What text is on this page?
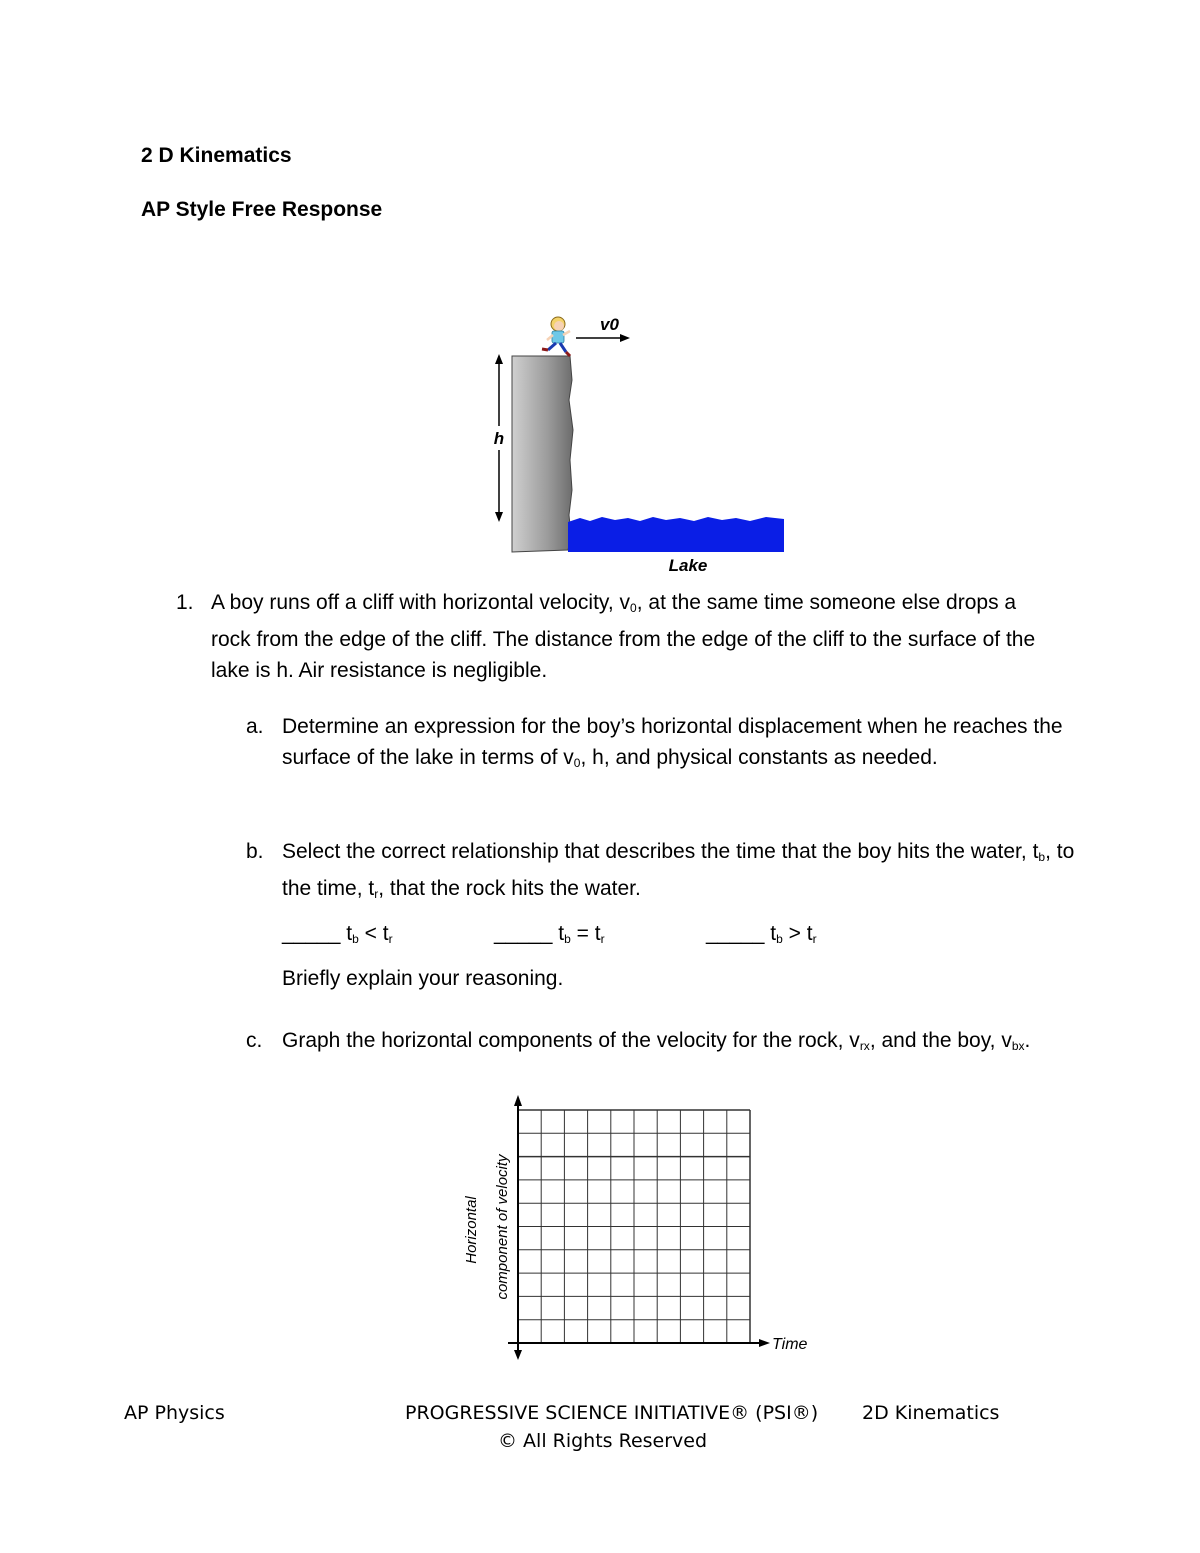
2 D Kinematics
AP Style Free Response
h
v0
Lake
1. A boy runs off a cliff with horizontal velocity, $v_0$, at the same time someone else drops a rock from the edge of the cliff. The distance from the edge of the cliff to the surface of the lake is h. Air resistance is negligible.
a. Determine an expression for the boy’s horizontal displacement when he reaches the surface of the lake in terms of $v_0$, h, and physical constants as needed.
b. Select the correct relationship that describes the time that the boy hits the water, $t_b$, to the time, $t_r$, that the rock hits the water.
_____ $t_b < t_r$	_____ $t_b = t_r$	_____ $t_b > t_r$
Briefly explain your reasoning.
c. Graph the horizontal components of the velocity for the rock, $v_{rx}$, and the boy, $v_{bx}$.
Time
Horizontal component of velocity
AP Physics	PROGRESSIVE SCIENCE INITIATIVE® (PSI®) 2D Kinematics
© All Rights Reserved
